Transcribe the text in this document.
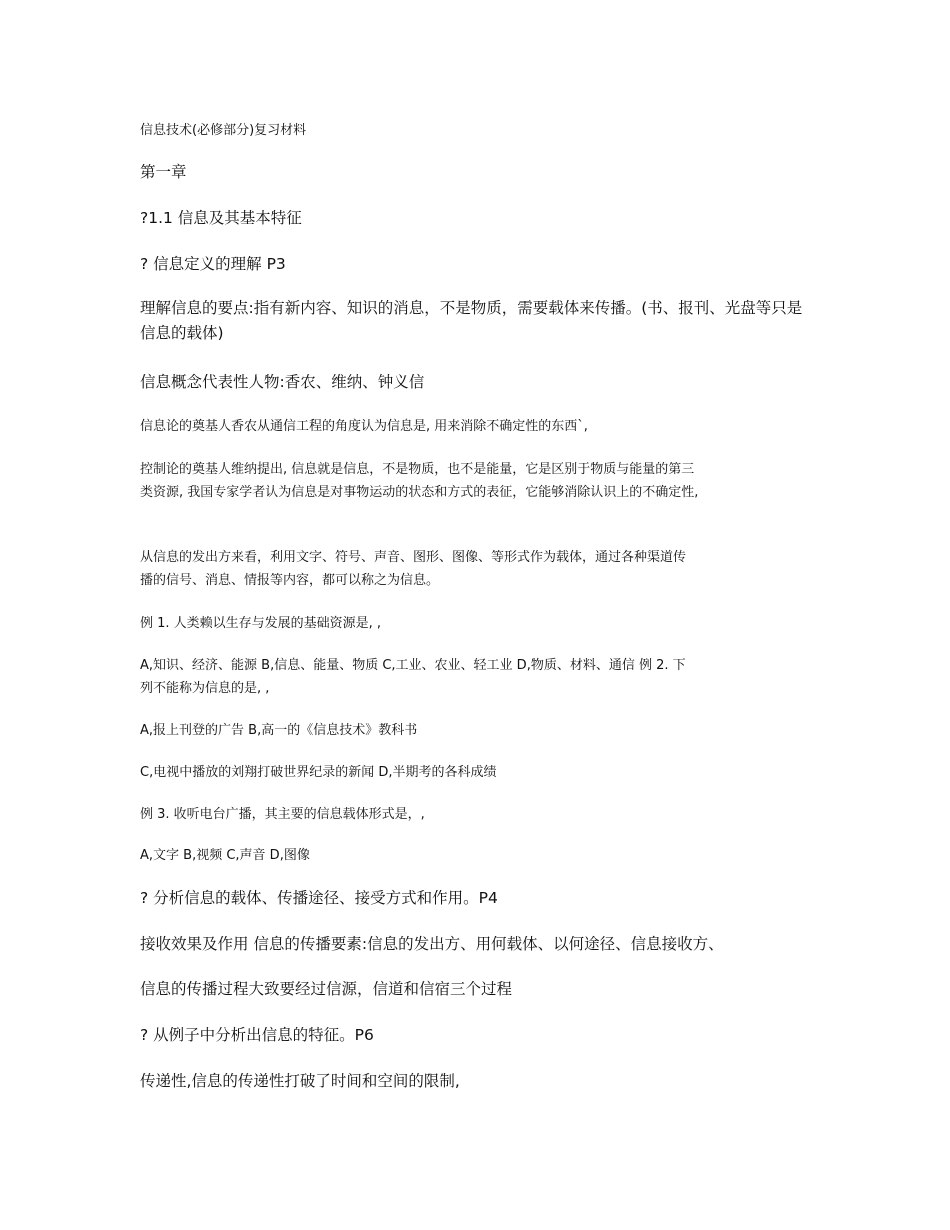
信息技术(必修部分)复习材料

第一章

?1.1 信息及其基本特征

? 信息定义的理解 P3

理解信息的要点:指有新内容、知识的消息，不是物质，需要载体来传播。(书、报刊、光盘等只是信息的载体)

信息概念代表性人物:香农、维纳、钟义信

信息论的奠基人香农从通信工程的角度认为信息是, 用来消除不确定性的东西`,

控制论的奠基人维纳提出, 信息就是信息，不是物质，也不是能量，它是区别于物质与能量的第三

类资源, 我国专家学者认为信息是对事物运动的状态和方式的表征，它能够消除认识上的不确定性,

从信息的发出方来看，利用文字、符号、声音、图形、图像、等形式作为载体，通过各种渠道传

播的信号、消息、情报等内容，都可以称之为信息。

例 1. 人类赖以生存与发展的基础资源是, ,

A,知识、经济、能源 B,信息、能量、物质 C,工业、农业、轻工业 D,物质、材料、通信 例 2. 下

列不能称为信息的是, ,

A,报上刊登的广告 B,高一的《信息技术》教科书

C,电视中播放的刘翔打破世界纪录的新闻 D,半期考的各科成绩

例 3. 收听电台广播，其主要的信息载体形式是，,

A,文字 B,视频 C,声音 D,图像

? 分析信息的载体、传播途径、接受方式和作用。P4

接收效果及作用 信息的传播要素:信息的发出方、用何载体、以何途径、信息接收方、

信息的传播过程大致要经过信源，信道和信宿三个过程

? 从例子中分析出信息的特征。P6

传递性,信息的传递性打破了时间和空间的限制,
